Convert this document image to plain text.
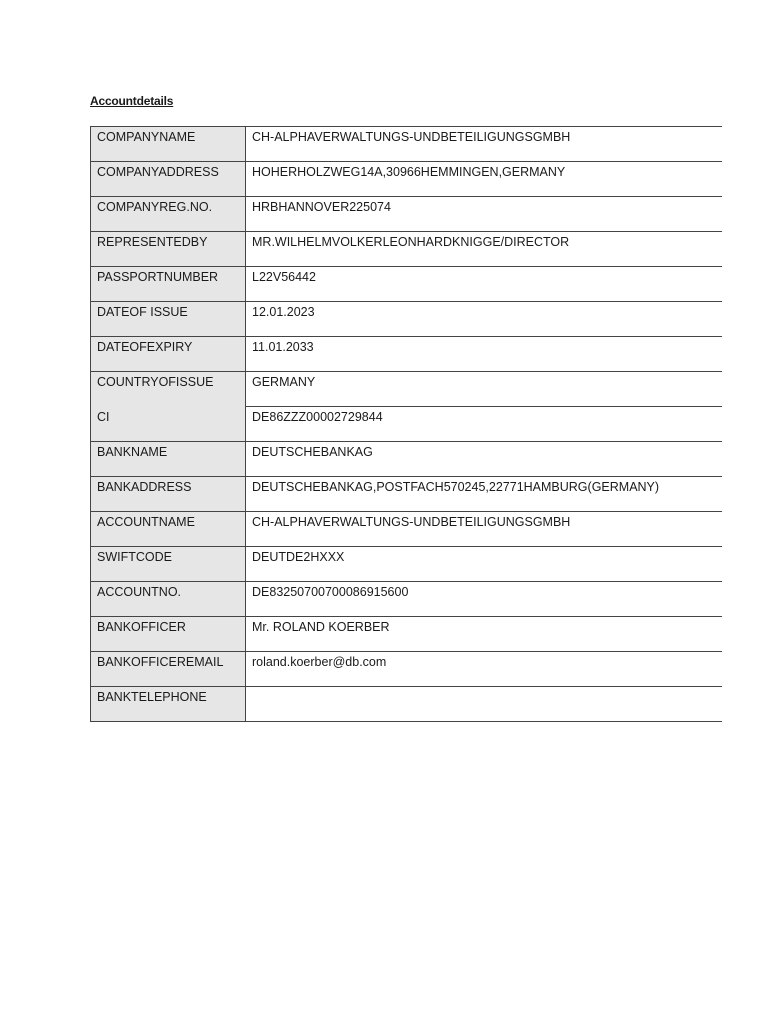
Accountdetails
COMPANYNAME	CH-ALPHAVERWALTUNGS-UNDBETEILIGUNGSGMBH
COMPANYADDRESS	HOHERHOLZWEG14A,30966HEMMINGEN,GERMANY
COMPANYREG.NO.	HRBHANNOVER225074
REPRESENTEDBY	MR.WILHELMVOLKERLEONHARDKNIGGE/DIRECTOR
PASSPORTNUMBER	L22V56442
DATEOF ISSUE	12.01.2023
DATEOFEXPIRY	11.01.2033
COUNTRYOFISSUE	GERMANY
CI	DE86ZZZ00002729844
BANKNAME	DEUTSCHEBANKAG
BANKADDRESS	DEUTSCHEBANKAG,POSTFACH570245,22771HAMBURG(GERMANY)
ACCOUNTNAME	CH-ALPHAVERWALTUNGS-UNDBETEILIGUNGSGMBH
SWIFTCODE	DEUTDE2HXXX
ACCOUNTNO.	DE83250700700086915600
BANKOFFICER	Mr. ROLAND KOERBER
BANKOFFICEREMAIL	roland.koerber@db.com
BANKTELEPHONE	
